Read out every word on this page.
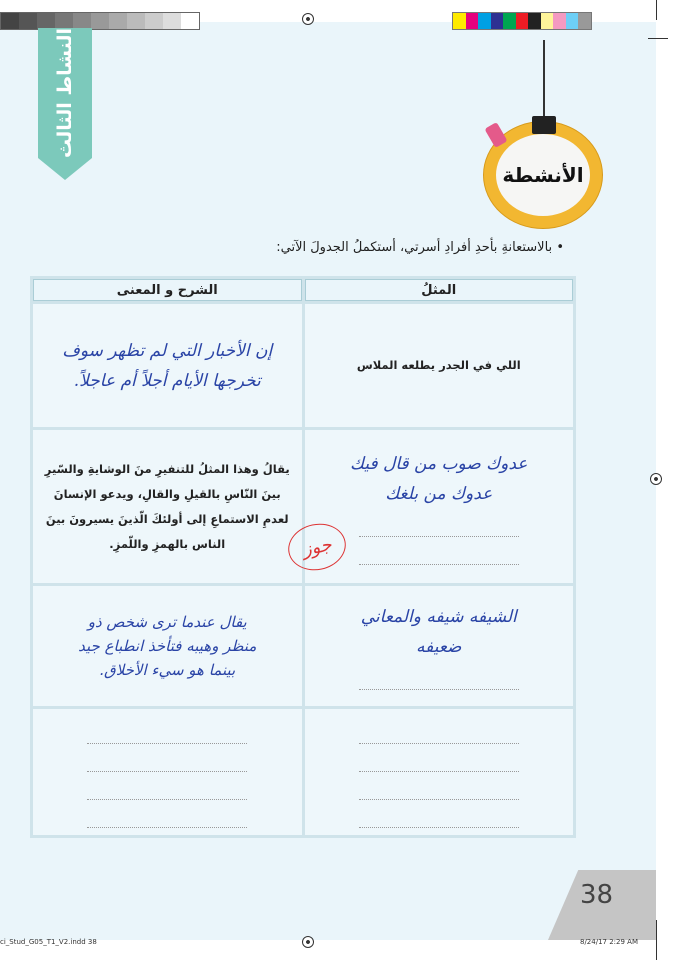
النشاط الثالث
الأنشطة
• بالاستعانةِ بأحدِ أفرادِ أسرتي، أستكملُ الجدولَ الآتي:
المثلُ	الشرح و المعنى

اللي في الجدر يطلعه الملاس	إن الأخبار التي لم تظهر سوف تخرجها الأيام أجلاً أم عاجلاً.

عدوك صوب من قال فيك عدوك من بلغك	يقالُ وهذا المثلُ للتنفيرِ منَ الوشايةِ والسّيرِ بينَ النّاسِ بالقيلِ والقالِ، ويدعو الإنسانَ لعدمِ الاستماعِ إلى أولئكَ الّذينَ يسيرونَ بينَ الناس بالهمزِ واللّمزِ.

الشيفه شيفه والمعاني ضعيفه	يقال عندما ترى شخص ذو منظر وهيبه فتأخذ انطباع جيد بينما هو سيء الأخلاق.

جوز
38
ci_Stud_G05_T1_V2.indd 38	8/24/17 2:29 AM
